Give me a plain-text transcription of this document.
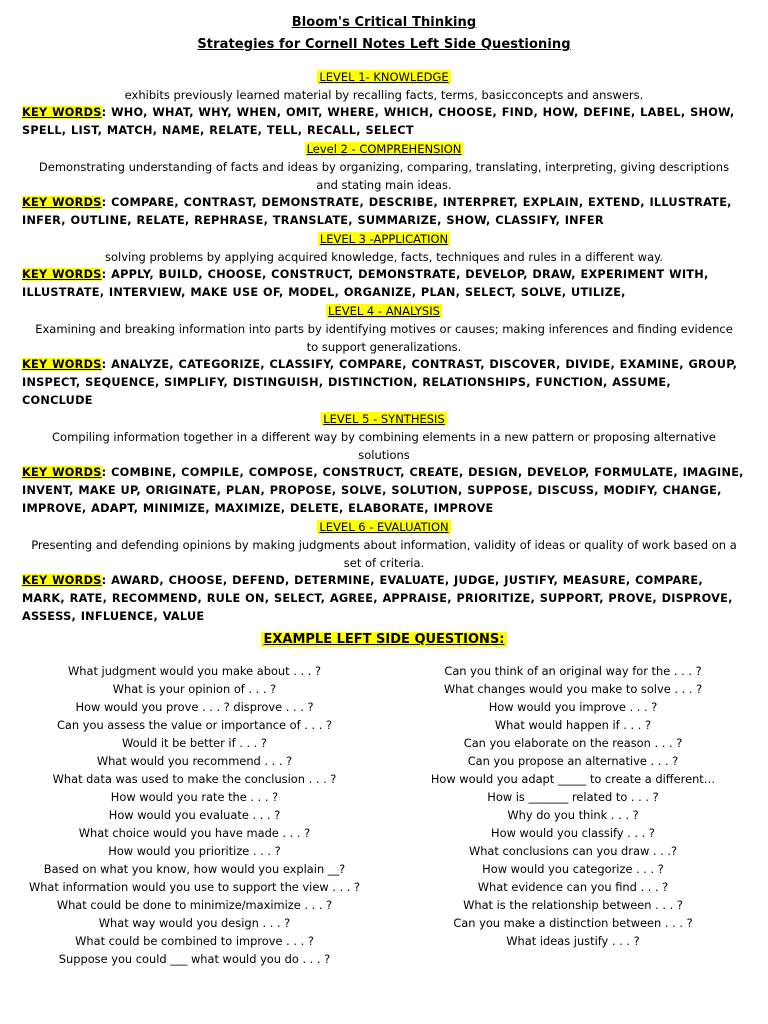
Bloom's Critical Thinking
Strategies for Cornell Notes Left Side Questioning

LEVEL 1- KNOWLEDGE

exhibits previously learned material by recalling facts, terms, basicconcepts and answers.

KEY WORDS: WHO, WHAT, WHY, WHEN, OMIT, WHERE, WHICH, CHOOSE, FIND, HOW, DEFINE, LABEL, SHOW, SPELL, LIST, MATCH, NAME, RELATE, TELL, RECALL, SELECT

Level 2 - COMPREHENSION

Demonstrating understanding of facts and ideas by organizing, comparing, translating, interpreting, giving descriptions and stating main ideas.

KEY WORDS: COMPARE, CONTRAST, DEMONSTRATE, DESCRIBE, INTERPRET, EXPLAIN, EXTEND, ILLUSTRATE, INFER, OUTLINE, RELATE, REPHRASE, TRANSLATE, SUMMARIZE, SHOW, CLASSIFY, INFER

LEVEL 3 -APPLICATION

solving problems by applying acquired knowledge, facts, techniques and rules in a different way.

KEY WORDS: APPLY, BUILD, CHOOSE, CONSTRUCT, DEMONSTRATE, DEVELOP, DRAW, EXPERIMENT WITH, ILLUSTRATE, INTERVIEW, MAKE USE OF, MODEL, ORGANIZE, PLAN, SELECT, SOLVE, UTILIZE,

LEVEL 4 - ANALYSIS

Examining and breaking information into parts by identifying motives or causes; making inferences and finding evidence to support generalizations.

KEY WORDS: ANALYZE, CATEGORIZE, CLASSIFY, COMPARE, CONTRAST, DISCOVER, DIVIDE, EXAMINE, GROUP, INSPECT, SEQUENCE, SIMPLIFY, DISTINGUISH, DISTINCTION, RELATIONSHIPS, FUNCTION, ASSUME, CONCLUDE

LEVEL 5 - SYNTHESIS

Compiling information together in a different way by combining elements in a new pattern or proposing alternative solutions

KEY WORDS: COMBINE, COMPILE, COMPOSE, CONSTRUCT, CREATE, DESIGN, DEVELOP, FORMULATE, IMAGINE, INVENT, MAKE UP, ORIGINATE, PLAN, PROPOSE, SOLVE, SOLUTION, SUPPOSE, DISCUSS, MODIFY, CHANGE, IMPROVE, ADAPT, MINIMIZE, MAXIMIZE, DELETE, ELABORATE, IMPROVE

LEVEL 6 - EVALUATION

Presenting and defending opinions by making judgments about information, validity of ideas or quality of work based on a set of criteria.

KEY WORDS: AWARD, CHOOSE, DEFEND, DETERMINE, EVALUATE, JUDGE, JUSTIFY, MEASURE, COMPARE, MARK, RATE, RECOMMEND, RULE ON, SELECT, AGREE, APPRAISE, PRIORITIZE, SUPPORT, PROVE, DISPROVE, ASSESS, INFLUENCE, VALUE

EXAMPLE LEFT SIDE QUESTIONS:

What judgment would you make about . . . ?

What is your opinion of . . . ?

How would you prove . . . ? disprove . . . ?

Can you assess the value or importance of . . . ?

Would it be better if . . . ?

What would you recommend . . . ?

What data was used to make the conclusion . . . ?

How would you rate the . . . ?

How would you evaluate . . . ?

What choice would you have made . . . ?

How would you prioritize . . . ?

Based on what you know, how would you explain __?

What information would you use to support the view . . . ?

What could be done to minimize/maximize . . . ?

What way would you design . . . ?

What could be combined to improve . . . ?

Suppose you could ___ what would you do . . . ?

Can you think of an original way for the . . . ?

What changes would you make to solve . . . ?

How would you improve . . . ?

What would happen if . . . ?

Can you elaborate on the reason . . . ?

Can you propose an alternative . . . ?

How would you adapt _____ to create a different…

How is _______ related to . . . ?

Why do you think . . . ?

How would you classify . . . ?

What conclusions can you draw . . .?

How would you categorize . . . ?

What evidence can you find . . . ?

What is the relationship between . . . ?

Can you make a distinction between . . . ?

What ideas justify . . . ?
